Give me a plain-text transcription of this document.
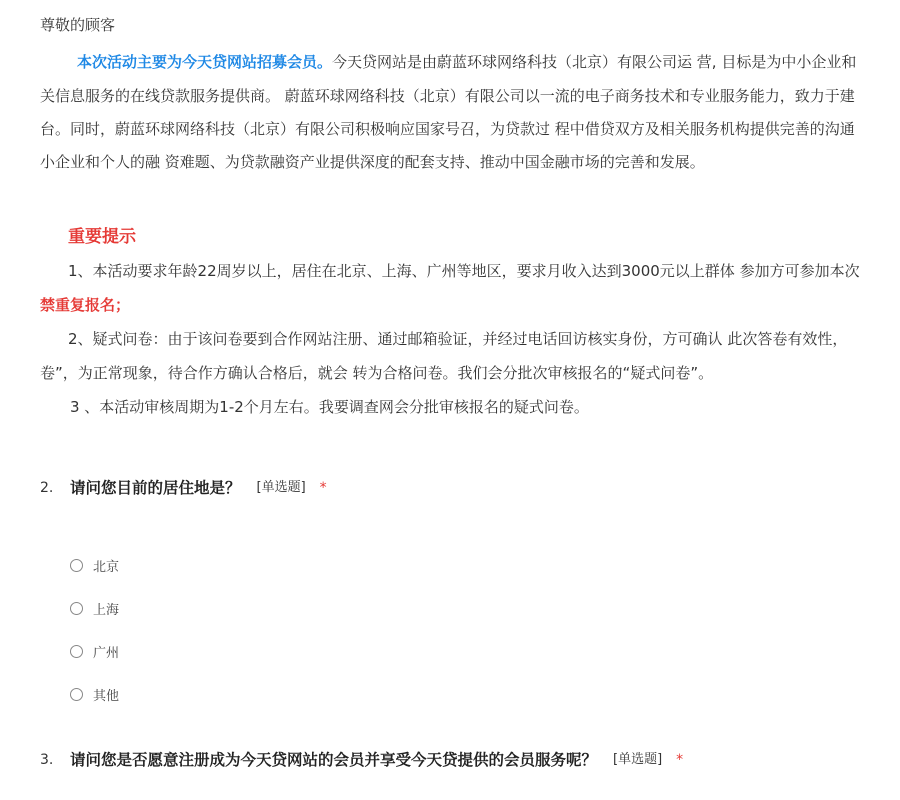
尊敬的顾客
本次活动主要为今天贷网站招募会员。今天贷网站是由蔚蓝环球网络科技（北京）有限公司运 营, 目标是为中小企业和
关信息服务的在线贷款服务提供商。 蔚蓝环球网络科技（北京）有限公司以一流的电子商务技术和专业服务能力，致力于建
台。同时，蔚蓝环球网络科技（北京）有限公司积极响应国家号召，为贷款过 程中借贷双方及相关服务机构提供完善的沟通
小企业和个人的融 资难题、为贷款融资产业提供深度的配套支持、推动中国金融市场的完善和发展。
重要提示
1、本活动要求年龄22周岁以上，居住在北京、上海、广州等地区，要求月收入达到3000元以上群体 参加方可参加本次
禁重复报名；
2、疑式问卷：由于该问卷要到合作网站注册、通过邮箱验证，并经过电话回访核实身份，方可确认 此次答卷有效性，
卷”，为正常现象，待合作方确认合格后，就会 转为合格问卷。我们会分批次审核报名的“疑式问卷”。
3 、本活动审核周期为1-2个月左右。我要调查网会分批审核报名的疑式问卷。
2.	请问您目前的居住地是？ [单选题] *
北京
上海
广州
其他
3.	请问您是否愿意注册成为今天贷网站的会员并享受今天贷提供的会员服务呢？ [单选题] *
